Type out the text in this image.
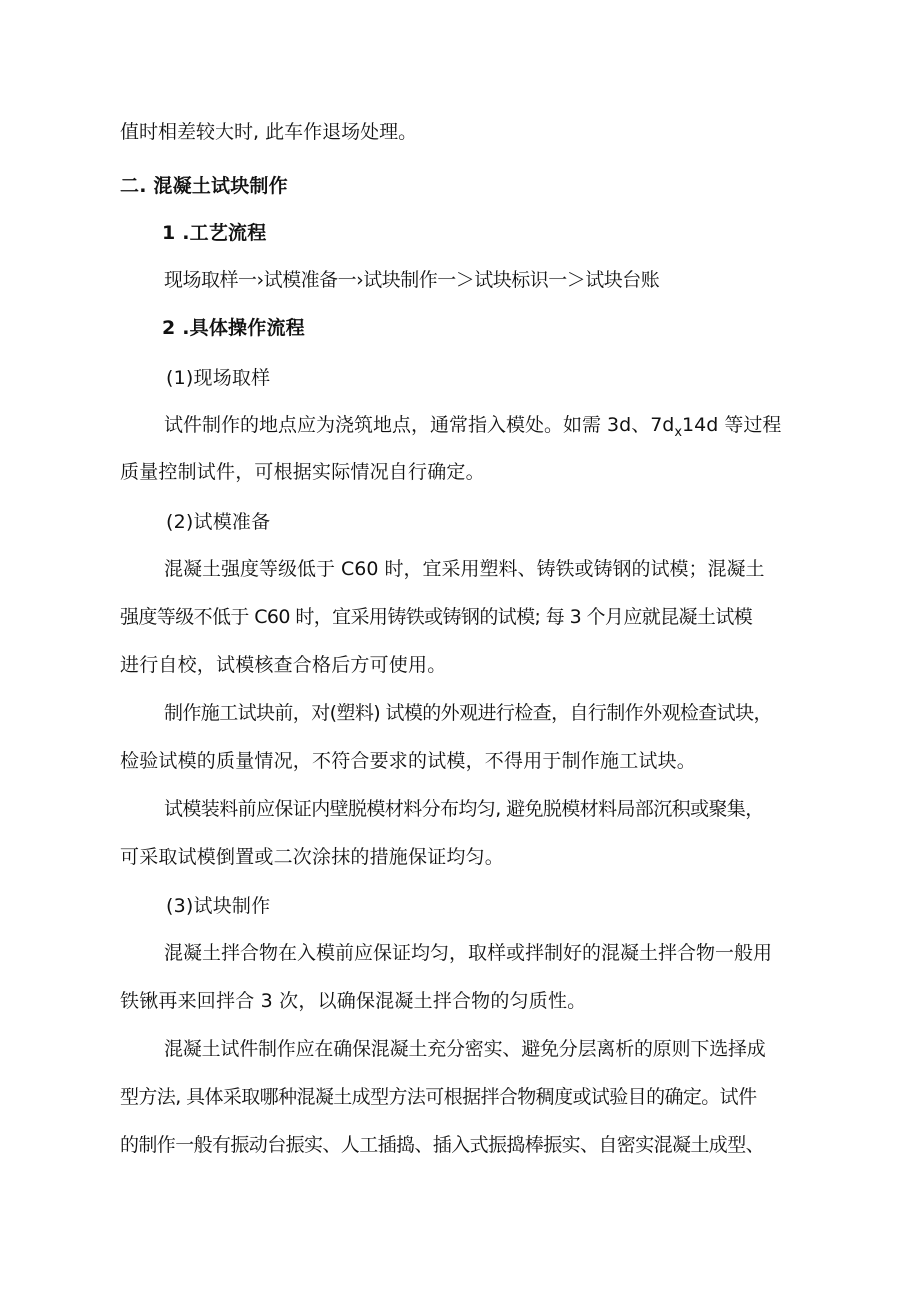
值时相差较大时, 此车作退场处理。
二. 混凝土试块制作
1 .工艺流程
现场取样一›试模准备一›试块制作一＞试块标识一＞试块台账
2 .具体操作流程
(1)现场取样
试件制作的地点应为浇筑地点，通常指入模处。如需 3d、$7d_x14d$ 等过程
质量控制试件，可根据实际情况自行确定。
(2)试模准备
混凝土强度等级低于 C60 时，宜采用塑料、铸铁或铸钢的试模；混凝土
强度等级不低于 C60 时，宜采用铸铁或铸钢的试模; 每 3 个月应就昆凝土试模
进行自校，试模核查合格后方可使用。
制作施工试块前，对(塑料) 试模的外观进行检查，自行制作外观检查试块，
检验试模的质量情况，不符合要求的试模，不得用于制作施工试块。
试模装料前应保证内壁脱模材料分布均匀, 避免脱模材料局部沉积或聚集，
可采取试模倒置或二次涂抹的措施保证均匀。
(3)试块制作
混凝土拌合物在入模前应保证均匀，取样或拌制好的混凝土拌合物一般用
铁锹再来回拌合 3 次，以确保混凝土拌合物的匀质性。
混凝土试件制作应在确保混凝土充分密实、避免分层离析的原则下选择成
型方法, 具体采取哪种混凝土成型方法可根据拌合物稠度或试验目的确定。试件
的制作一般有振动台振实、人工插捣、插入式振捣棒振实、自密实混凝土成型、
